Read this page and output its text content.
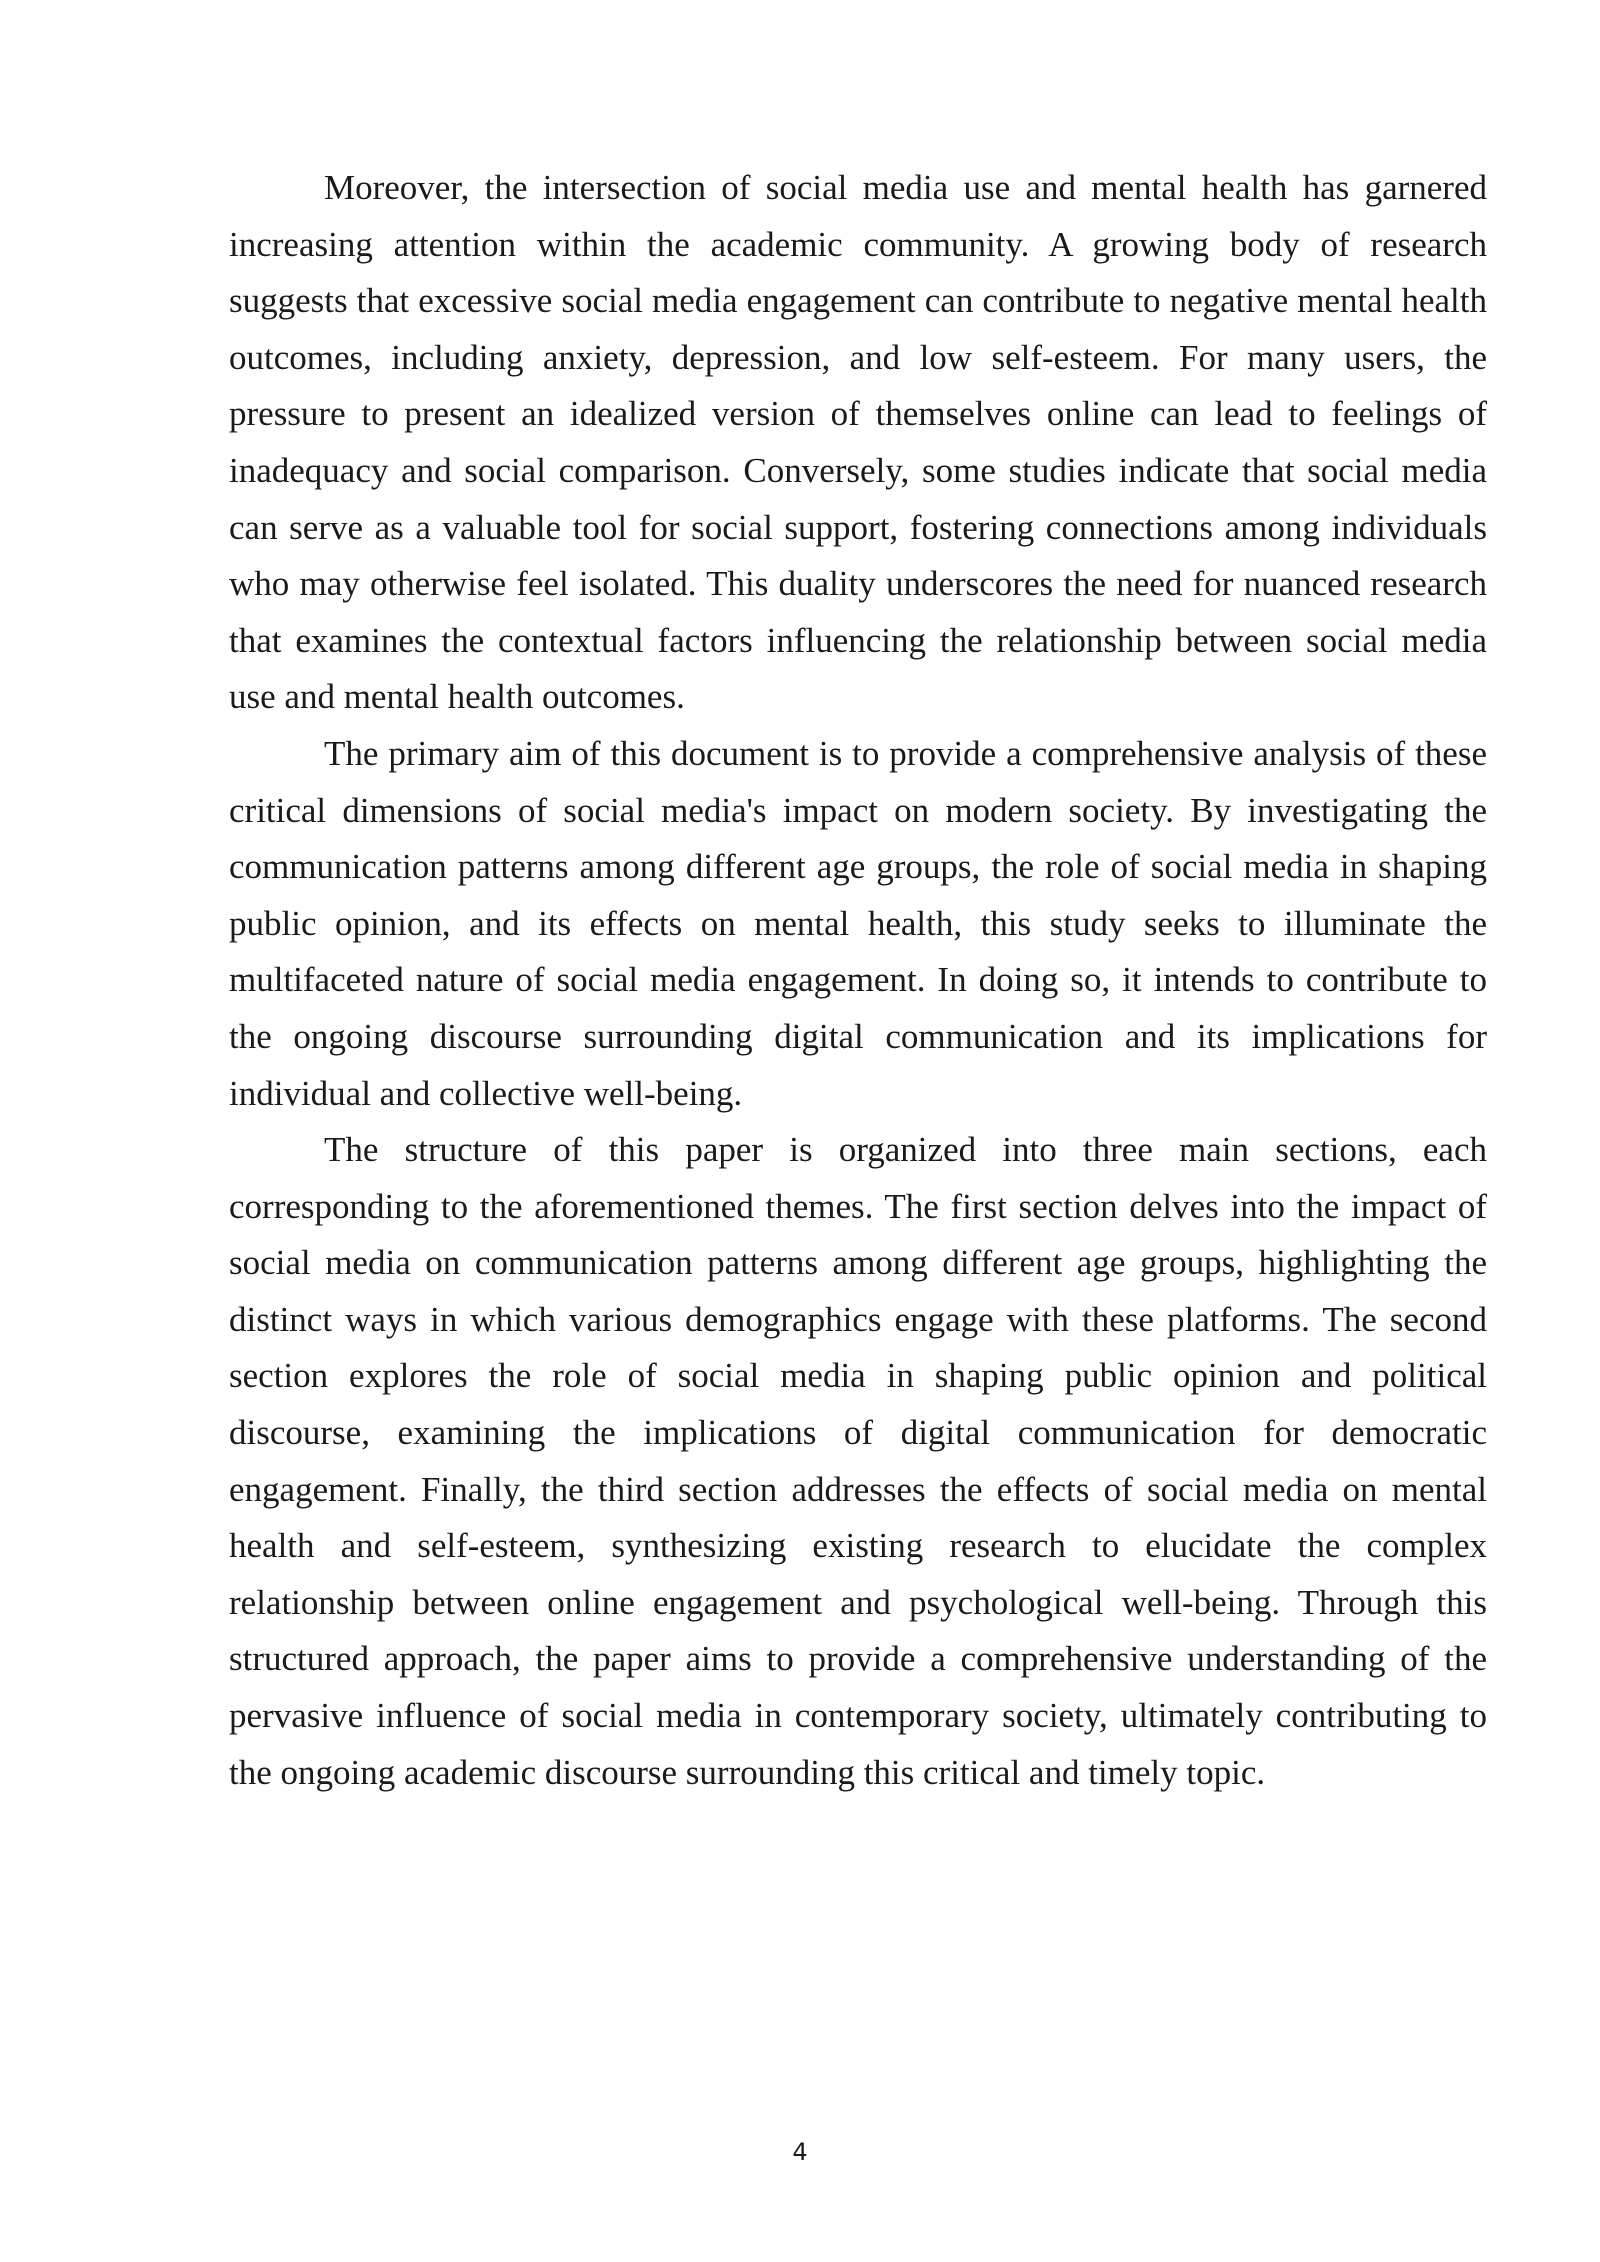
Moreover, the intersection of social media use and mental health has garnered increasing attention within the academic community. A growing body of research suggests that excessive social media engagement can contribute to negative mental health outcomes, including anxiety, depression, and low self-esteem. For many users, the pressure to present an idealized version of themselves online can lead to feelings of inadequacy and social comparison. Conversely, some studies indicate that social media can serve as a valuable tool for social support, fostering connections among individuals who may otherwise feel isolated. This duality underscores the need for nuanced research that examines the contextual factors influencing the relationship between social media use and mental health outcomes.

The primary aim of this document is to provide a comprehensive analysis of these critical dimensions of social media's impact on modern society. By investigating the communication patterns among different age groups, the role of social media in shaping public opinion, and its effects on mental health, this study seeks to illuminate the multifaceted nature of social media engagement. In doing so, it intends to contribute to the ongoing discourse surrounding digital communication and its implications for individual and collective well-being.

The structure of this paper is organized into three main sections, each corresponding to the aforementioned themes. The first section delves into the impact of social media on communication patterns among different age groups, highlighting the distinct ways in which various demographics engage with these platforms. The second section explores the role of social media in shaping public opinion and political discourse, examining the implications of digital communication for democratic engagement. Finally, the third section addresses the effects of social media on mental health and self-esteem, synthesizing existing research to elucidate the complex relationship between online engagement and psychological well-being. Through this structured approach, the paper aims to provide a comprehensive understanding of the pervasive influence of social media in contemporary society, ultimately contributing to the ongoing academic discourse surrounding this critical and timely topic.

4
